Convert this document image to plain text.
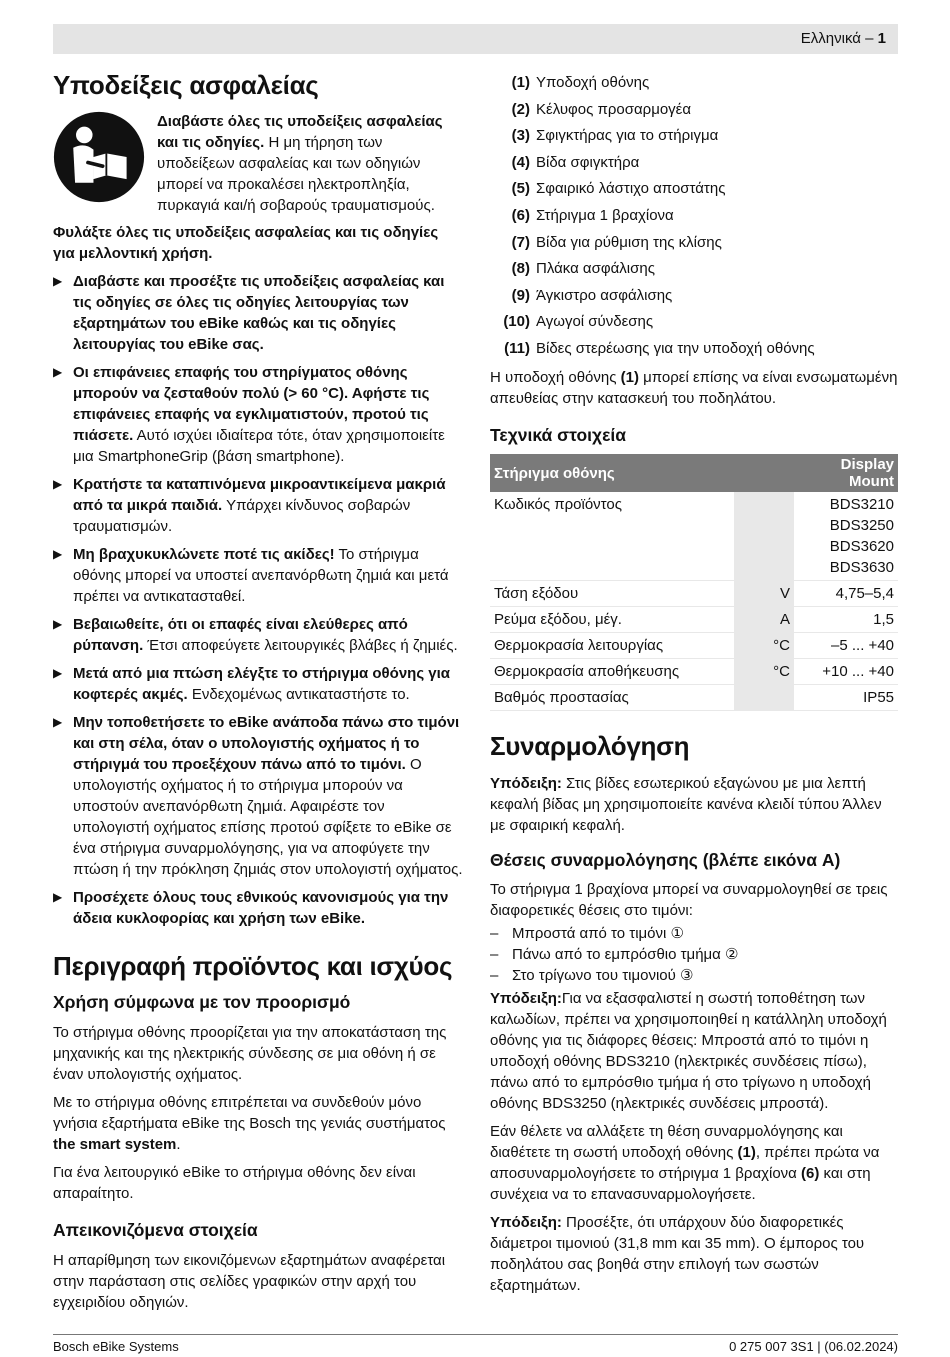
Ελληνικά – 1
Υποδείξεις ασφαλείας
Διαβάστε όλες τις υποδείξεις ασφαλείας και τις οδηγίες. Η μη τήρηση των υποδείξεων ασφαλείας και των οδηγιών μπορεί να προκαλέσει ηλεκτροπληξία, πυρκαγιά και/ή σοβαρούς τραυματισμούς.

Φυλάξτε όλες τις υποδείξεις ασφαλείας και τις οδηγίες για μελλοντική χρήση.

▶ Διαβάστε και προσέξτε τις υποδείξεις ασφαλείας και τις οδηγίες σε όλες τις οδηγίες λειτουργίας των εξαρτημάτων του eBike καθώς και τις οδηγίες λειτουργίας του eBike σας.
▶ Οι επιφάνειες επαφής του στηρίγματος οθόνης μπορούν να ζεσταθούν πολύ (> 60 °C). Αφήστε τις επιφάνειες επαφής να εγκλιματιστούν, προτού τις πιάσετε. Αυτό ισχύει ιδιαίτερα τότε, όταν χρησιμοποιείτε μια SmartphoneGrip (βάση smartphone).
▶ Κρατήστε τα καταπινόμενα μικροαντικείμενα μακριά από τα μικρά παιδιά. Υπάρχει κίνδυνος σοβαρών τραυματισμών.
▶ Μη βραχυκυκλώνετε ποτέ τις ακίδες! Το στήριγμα οθόνης μπορεί να υποστεί ανεπανόρθωτη ζημιά και μετά πρέπει να αντικατασταθεί.
▶ Βεβαιωθείτε, ότι οι επαφές είναι ελεύθερες από ρύπανση. Έτσι αποφεύγετε λειτουργικές βλάβες ή ζημιές.
▶ Μετά από μια πτώση ελέγξτε το στήριγμα οθόνης για κοφτερές ακμές. Ενδεχομένως αντικαταστήστε το.
▶ Μην τοποθετήσετε το eBike ανάποδα πάνω στο τιμόνι και στη σέλα, όταν ο υπολογιστής οχήματος ή το στήριγμά του προεξέχουν πάνω από το τιμόνι. Ο υπολογιστής οχήματος ή το στήριγμα μπορούν να υποστούν ανεπανόρθωτη ζημιά. Αφαιρέστε τον υπολογιστή οχήματος επίσης προτού σφίξετε το eBike σε ένα στήριγμα συναρμολόγησης, για να αποφύγετε την πτώση ή την πρόκληση ζημιάς στον υπολογιστή οχήματος.
▶ Προσέχετε όλους τους εθνικούς κανονισμούς για την άδεια κυκλοφορίας και χρήση των eBike.
Περιγραφή προϊόντος και ισχύος
Χρήση σύμφωνα με τον προορισμό

Το στήριγμα οθόνης προορίζεται για την αποκατάσταση της μηχανικής και της ηλεκτρικής σύνδεσης σε μια οθόνη ή σε έναν υπολογιστής οχήματος.

Με το στήριγμα οθόνης επιτρέπεται να συνδεθούν μόνο γνήσια εξαρτήματα eBike της Bosch της γενιάς συστήματος the smart system.

Για ένα λειτουργικό eBike το στήριγμα οθόνης δεν είναι απαραίτητο.

Απεικονιζόμενα στοιχεία

Η απαρίθμηση των εικονιζόμενων εξαρτημάτων αναφέρεται στην παράσταση στις σελίδες γραφικών στην αρχή του εγχειριδίου οδηγιών.

(1) Υποδοχή οθόνης
(2) Κέλυφος προσαρμογέα
(3) Σφιγκτήρας για το στήριγμα
(4) Βίδα σφιγκτήρα
(5) Σφαιρικό λάστιχο αποστάτης
(6) Στήριγμα 1 βραχίονα
(7) Βίδα για ρύθμιση της κλίσης
(8) Πλάκα ασφάλισης
(9) Άγκιστρο ασφάλισης
(10) Αγωγοί σύνδεσης
(11) Βίδες στερέωσης για την υποδοχή οθόνης

Η υποδοχή οθόνης (1) μπορεί επίσης να είναι ενσωματωμένη απευθείας στην κατασκευή του ποδηλάτου.

Τεχνικά στοιχεία
Στήριγμα οθόνης		Display Mount
Κωδικός προϊόντος		BDS3210
BDS3250
BDS3620
BDS3630
Τάση εξόδου	V	4,75–5,4
Ρεύμα εξόδου, μέγ.	A	1,5
Θερμοκρασία λειτουργίας	°C	–5 ... +40
Θερμοκρασία αποθήκευσης	°C	+10 ... +40
Βαθμός προστασίας		IP55
Συναρμολόγηση

Υπόδειξη: Στις βίδες εσωτερικού εξαγώνου με μια λεπτή κεφαλή βίδας μη χρησιμοποιείτε κανένα κλειδί τύπου Άλλεν με σφαιρική κεφαλή.

Θέσεις συναρμολόγησης (βλέπε εικόνα A)

Το στήριγμα 1 βραχίονα μπορεί να συναρμολογηθεί σε τρεις διαφορετικές θέσεις στο τιμόνι:

– Μπροστά από το τιμόνι ①
– Πάνω από το εμπρόσθιο τμήμα ②
– Στο τρίγωνο του τιμονιού ③

Υπόδειξη:Για να εξασφαλιστεί η σωστή τοποθέτηση των καλωδίων, πρέπει να χρησιμοποιηθεί η κατάλληλη υποδοχή οθόνης για τις διάφορες θέσεις: Μπροστά από το τιμόνι η υποδοχή οθόνης BDS3210 (ηλεκτρικές συνδέσεις πίσω), πάνω από το εμπρόσθιο τμήμα ή στο τρίγωνο η υποδοχή οθόνης BDS3250 (ηλεκτρικές συνδέσεις μπροστά).

Εάν θέλετε να αλλάξετε τη θέση συναρμολόγησης και διαθέτετε τη σωστή υποδοχή οθόνης (1), πρέπει πρώτα να αποσυναρμολογήσετε το στήριγμα 1 βραχίονα (6) και στη συνέχεια να το επανασυναρμολογήσετε.

Υπόδειξη: Προσέξτε, ότι υπάρχουν δύο διαφορετικές διάμετροι τιμονιού (31,8 mm και 35 mm). Ο έμπορος του ποδηλάτου σας βοηθά στην επιλογή των σωστών εξαρτημάτων.

Bosch eBike Systems	0 275 007 3S1 | (06.02.2024)
